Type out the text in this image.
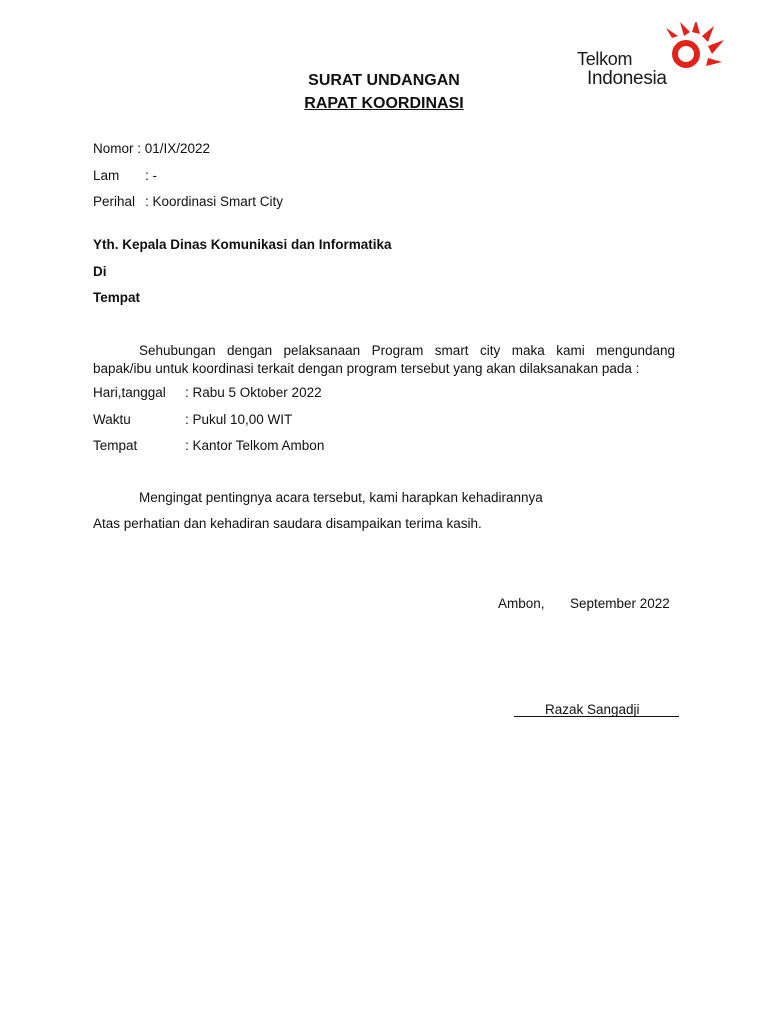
Telkom
Indonesia
SURAT UNDANGAN
RAPAT KOORDINASI
Nomor : 01/IX/2022
Lam : -
Perihal : Koordinasi Smart City
Yth. Kepala Dinas Komunikasi dan Informatika
Di
Tempat
Sehubungan dengan pelaksanaan Program smart city maka kami mengundang bapak/ibu untuk koordinasi terkait dengan program tersebut yang akan dilaksanakan pada :
Hari,tanggal : Rabu 5 Oktober 2022
Waktu	: Pukul 10,00 WIT
Tempat	: Kantor Telkom Ambon
Mengingat pentingnya acara tersebut, kami harapkan kehadirannya
Atas perhatian dan kehadiran saudara disampaikan terima kasih.
Ambon, September 2022
Razak Sangadji
